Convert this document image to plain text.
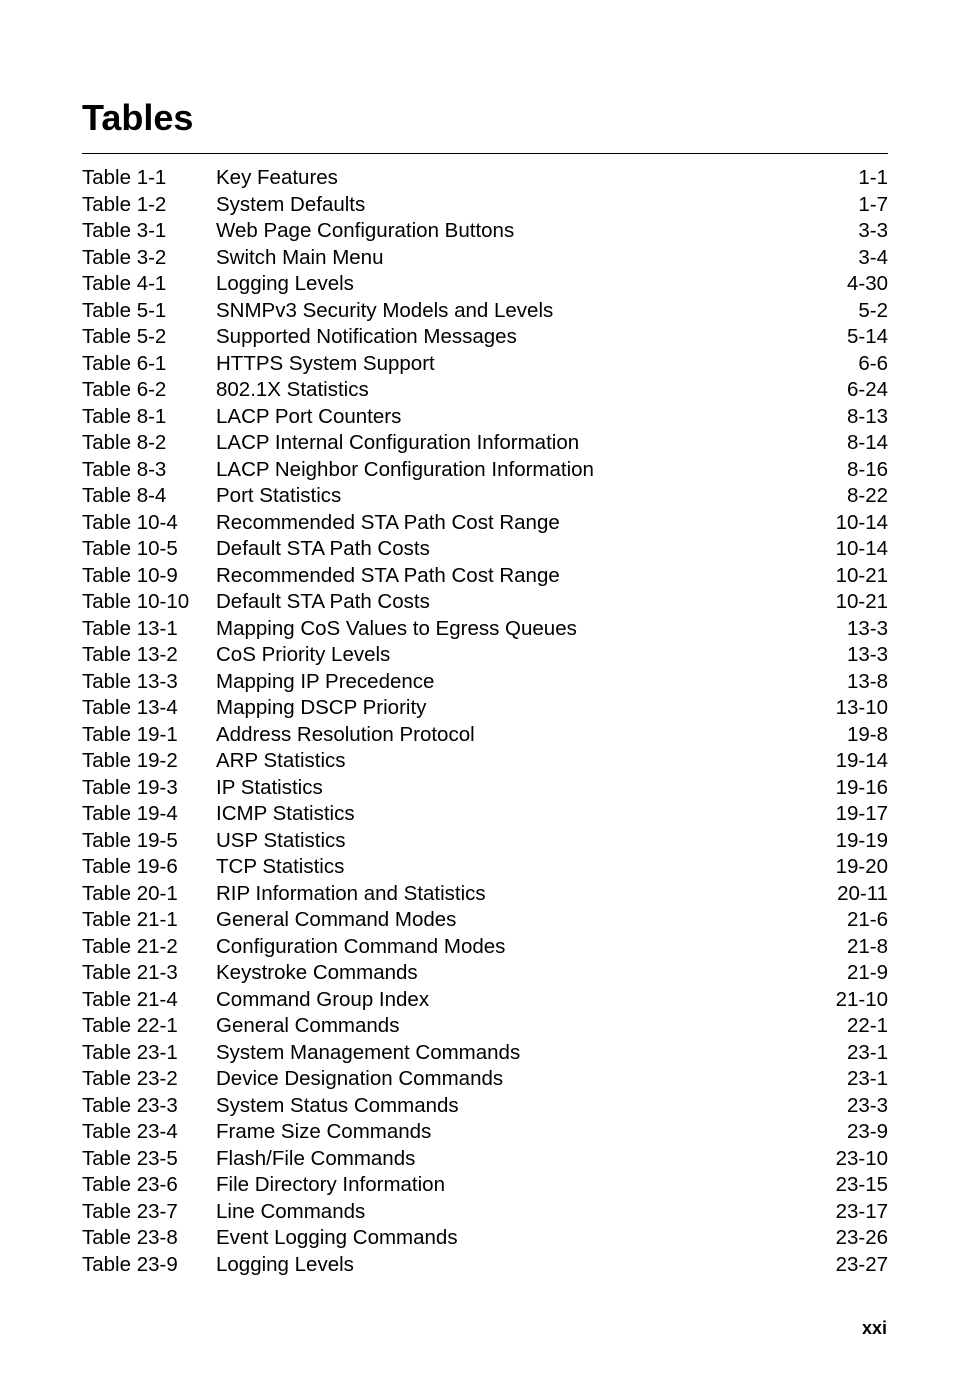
Tables
Table 1-1	Key Features	1-1
Table 1-2	System Defaults	1-7
Table 3-1	Web Page Configuration Buttons	3-3
Table 3-2	Switch Main Menu	3-4
Table 4-1	Logging Levels	4-30
Table 5-1	SNMPv3 Security Models and Levels	5-2
Table 5-2	Supported Notification Messages	5-14
Table 6-1	HTTPS System Support	6-6
Table 6-2	802.1X Statistics	6-24
Table 8-1	LACP Port Counters	8-13
Table 8-2	LACP Internal Configuration Information	8-14
Table 8-3	LACP Neighbor Configuration Information	8-16
Table 8-4	Port Statistics	8-22
Table 10-4	Recommended STA Path Cost Range	10-14
Table 10-5	Default STA Path Costs	10-14
Table 10-9	Recommended STA Path Cost Range	10-21
Table 10-10	Default STA Path Costs	10-21
Table 13-1	Mapping CoS Values to Egress Queues	13-3
Table 13-2	CoS Priority Levels	13-3
Table 13-3	Mapping IP Precedence	13-8
Table 13-4	Mapping DSCP Priority	13-10
Table 19-1	Address Resolution Protocol	19-8
Table 19-2	ARP Statistics	19-14
Table 19-3	IP Statistics	19-16
Table 19-4	ICMP Statistics	19-17
Table 19-5	USP Statistics	19-19
Table 19-6	TCP Statistics	19-20
Table 20-1	RIP Information and Statistics	20-11
Table 21-1	General Command Modes	21-6
Table 21-2	Configuration Command Modes	21-8
Table 21-3	Keystroke Commands	21-9
Table 21-4	Command Group Index	21-10
Table 22-1	General Commands	22-1
Table 23-1	System Management Commands	23-1
Table 23-2	Device Designation Commands	23-1
Table 23-3	System Status Commands	23-3
Table 23-4	Frame Size Commands	23-9
Table 23-5	Flash/File Commands	23-10
Table 23-6	File Directory Information	23-15
Table 23-7	Line Commands	23-17
Table 23-8	Event Logging Commands	23-26
Table 23-9	Logging Levels	23-27
xxi
